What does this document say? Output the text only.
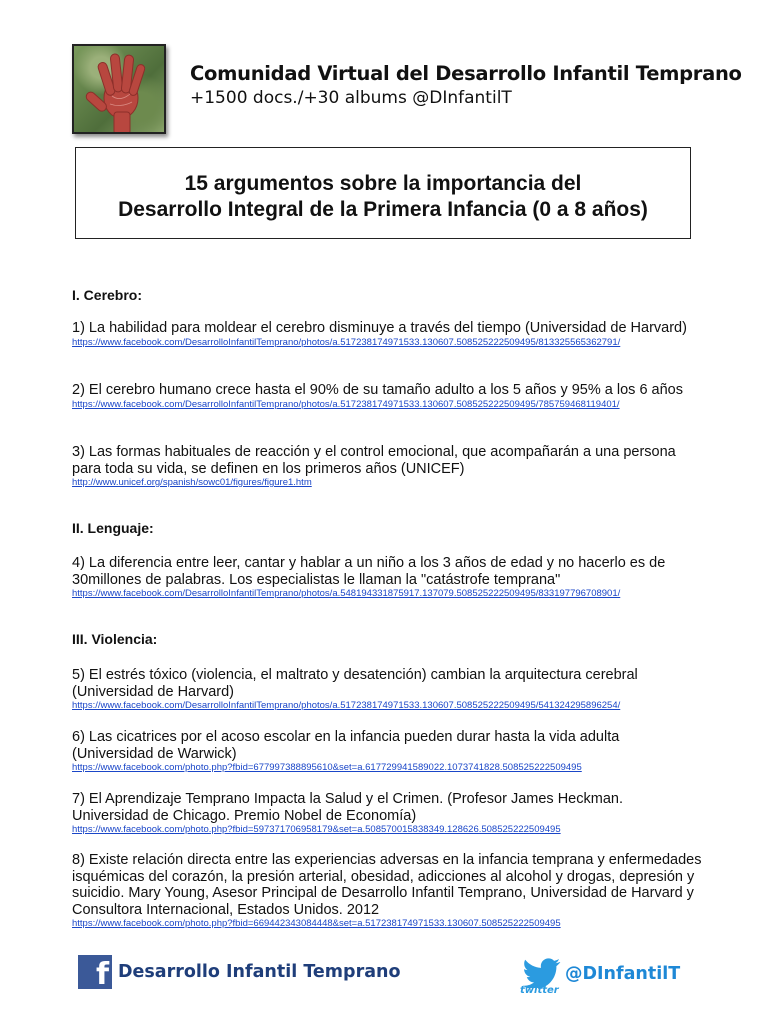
Comunidad Virtual del Desarrollo Infantil Temprano
+1500 docs./+30 albums @DInfantilT
15 argumentos sobre la importancia del
Desarrollo Integral de la Primera Infancia (0 a 8 años)
I. Cerebro:
1) La habilidad para moldear el cerebro disminuye a través del tiempo (Universidad de Harvard)
https://www.facebook.com/DesarrolloInfantilTemprano/photos/a.517238174971533.130607.508525222509495/813325565362791/
2) El cerebro humano crece hasta el 90% de su tamaño adulto a los 5 años y 95% a los 6 años
https://www.facebook.com/DesarrolloInfantilTemprano/photos/a.517238174971533.130607.508525222509495/785759468119401/
3) Las formas habituales de reacción y el control emocional, que acompañarán a una persona para toda su vida, se definen en los primeros años (UNICEF)
http://www.unicef.org/spanish/sowc01/figures/figure1.htm
II. Lenguaje:
4) La diferencia entre leer, cantar y hablar a un niño a los 3 años de edad y no hacerlo es de 30millones de palabras. Los especialistas le llaman la "catástrofe temprana"
https://www.facebook.com/DesarrolloInfantilTemprano/photos/a.548194331875917.137079.508525222509495/833197796708901/
III. Violencia:
5) El estrés tóxico (violencia, el maltrato y desatención) cambian la arquitectura cerebral (Universidad de Harvard)
https://www.facebook.com/DesarrolloInfantilTemprano/photos/a.517238174971533.130607.508525222509495/541324295896254/
6) Las cicatrices por el acoso escolar en la infancia pueden durar hasta la vida adulta (Universidad de Warwick)
https://www.facebook.com/photo.php?fbid=677997388895610&set=a.617729941589022.1073741828.508525222509495
7) El Aprendizaje Temprano Impacta la Salud y el Crimen. (Profesor James Heckman. Universidad de Chicago. Premio Nobel de Economía)
https://www.facebook.com/photo.php?fbid=597371706958179&set=a.508570015838349.128626.508525222509495
8) Existe relación directa entre las experiencias adversas en la infancia temprana y enfermedades isquémicas del corazón, la presión arterial, obesidad, adicciones al alcohol y drogas, depresión y suicidio. Mary Young, Asesor Principal de Desarrollo Infantil Temprano, Universidad de Harvard y Consultora Internacional, Estados Unidos. 2012
https://www.facebook.com/photo.php?fbid=669442343084448&set=a.517238174971533.130607.508525222509495
f Desarrollo Infantil Temprano	@DInfantilT
twitter
